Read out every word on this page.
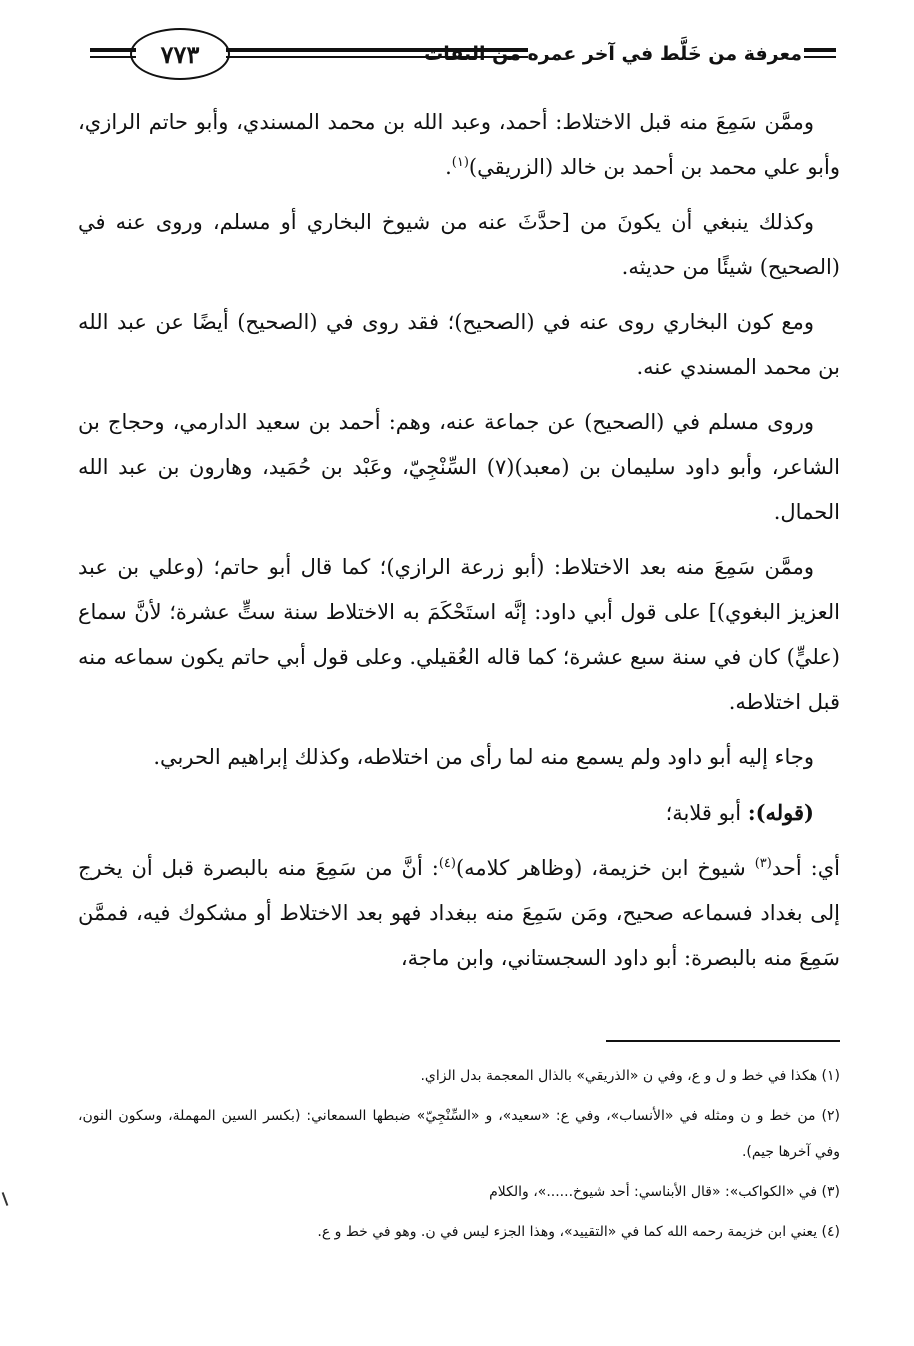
٧٧٣	معرفة من خَلَّط في آخر عمره من الثقات

وممَّن سَمِعَ منه قبل الاختلاط: أحمد، وعبد الله بن محمد المسندي، وأبو حاتم الرازي، وأبو علي محمد بن أحمد بن خالد (الزريقي)$^{(١)}$.

وكذلك ينبغي أن يكونَ من [حدَّثَ عنه من شيوخ البخاري أو مسلم، وروى عنه في (الصحيح) شيئًا من حديثه.

ومع كون البخاري روى عنه في (الصحيح)؛ فقد روى في (الصحيح) أيضًا عن عبد الله بن محمد المسندي عنه.

وروى مسلم في (الصحيح) عن جماعة عنه، وهم: أحمد بن سعيد الدارمي، وحجاج بن الشاعر، وأبو داود سليمان بن (معبد)(٧) السِّنْجِيّ، وعَبْد بن حُمَيد، وهارون بن عبد الله الحمال.

وممَّن سَمِعَ منه بعد الاختلاط: (أبو زرعة الرازي)؛ كما قال أبو حاتم؛ (وعلي بن عبد العزيز البغوي)] على قول أبي داود: إنَّه استَحْكَمَ به الاختلاط سنة ستٍّ عشرة؛ لأنَّ سماع (عليٍّ) كان في سنة سبع عشرة؛ كما قاله العُقيلي. وعلى قول أبي حاتم يكون سماعه منه قبل اختلاطه.

وجاء إليه أبو داود ولم يسمع منه لما رأى من اختلاطه، وكذلك إبراهيم الحربي.

(قوله): أبو قلابة؛

أي: أحد$^{(٣)}$ شيوخ ابن خزيمة، (وظاهر كلامه)$^{(٤)}$: أنَّ من سَمِعَ منه بالبصرة قبل أن يخرج إلى بغداد فسماعه صحيح، ومَن سَمِعَ منه ببغداد فهو بعد الاختلاط أو مشكوك فيه، فممَّن سَمِعَ منه بالبصرة: أبو داود السجستاني، وابن ماجة،

(١) هكذا في خط و ل و ع، وفي ن «الذريقي» بالذال المعجمة بدل الزاي.

(٢) من خط و ن ومثله في «الأنساب»، وفي ع: «سعيد»، و «السِّنْجِيّ» ضبطها السمعاني: (بكسر السين المهملة، وسكون النون، وفي آخرها جيم).

(٣) في «الكواكب»: «قال الأبناسي: أحد شيوخ......»، والكلام

(٤) يعني ابن خزيمة رحمه الله كما في «التقييد»، وهذا الجزء ليس في ن. وهو في خط و ع.
